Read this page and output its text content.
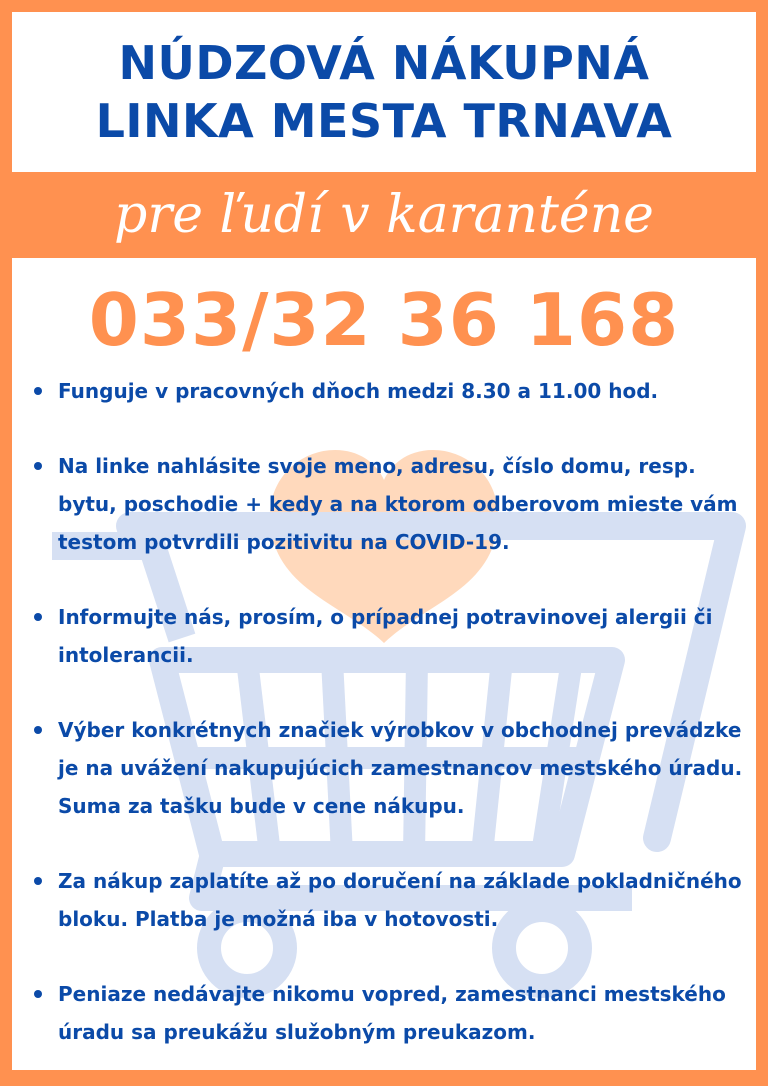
NÚDZOVÁ NÁKUPNÁ
LINKA MESTA TRNAVA
pre ľudí v karanténe
033/32 36 168
Funguje v pracovných dňoch medzi 8.30 a 11.00 hod.
Na linke nahlásite svoje meno, adresu, číslo domu, resp. bytu, poschodie + kedy a na ktorom odberovom mieste vám testom potvrdili pozitivitu na COVID-19.
Informujte nás, prosím, o prípadnej potravinovej alergii či intolerancii.
Výber konkrétnych značiek výrobkov v obchodnej prevádzke je na uvážení nakupujúcich zamestnancov mestského úradu. Suma za tašku bude v cene nákupu.
Za nákup zaplatíte až po doručení na základe pokladničného bloku. Platba je možná iba v hotovosti.
Peniaze nedávajte nikomu vopred, zamestnanci mestského úradu sa preukážu služobným preukazom.
